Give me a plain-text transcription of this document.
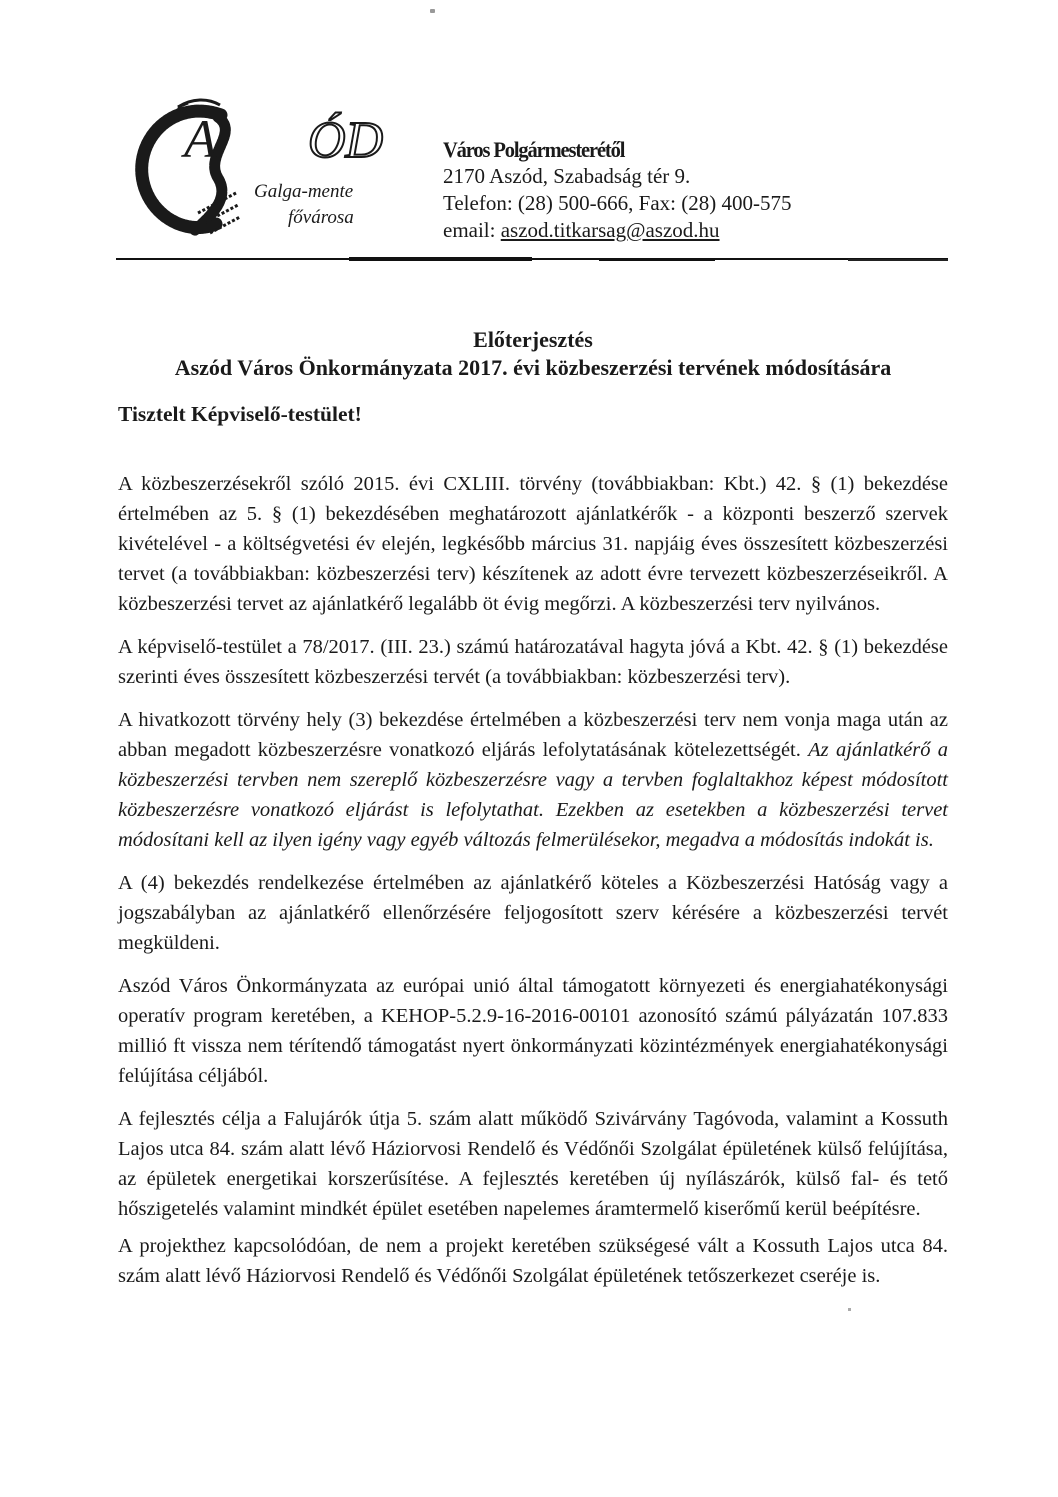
A ÓD
Galga-mente
fővárosa
Város Polgármesterétől
2170 Aszód, Szabadság tér 9.
Telefon: (28) 500-666, Fax: (28) 400-575
email: aszod.titkarsag@aszod.hu
Előterjesztés
Aszód Város Önkormányzata 2017. évi közbeszerzési tervének módosítására
Tisztelt Képviselő-testület!

A közbeszerzésekről szóló 2015. évi CXLIII. törvény (továbbiakban: Kbt.) 42. § (1) bekezdése értelmében az 5. § (1) bekezdésében meghatározott ajánlatkérők - a központi beszerző szervek kivételével - a költségvetési év elején, legkésőbb március 31. napjáig éves összesített közbeszerzési tervet (a továbbiakban: közbeszerzési terv) készítenek az adott évre tervezett közbeszerzéseikről. A közbeszerzési tervet az ajánlatkérő legalább öt évig megőrzi. A közbeszerzési terv nyilvános.

A képviselő-testület a 78/2017. (III. 23.) számú határozatával hagyta jóvá a Kbt. 42. § (1) bekezdése szerinti éves összesített közbeszerzési tervét (a továbbiakban: közbeszerzési terv).

A hivatkozott törvény hely (3) bekezdése értelmében a közbeszerzési terv nem vonja maga után az abban megadott közbeszerzésre vonatkozó eljárás lefolytatásának kötelezettségét. Az ajánlatkérő a közbeszerzési tervben nem szereplő közbeszerzésre vagy a tervben foglaltakhoz képest módosított közbeszerzésre vonatkozó eljárást is lefolytathat. Ezekben az esetekben a közbeszerzési tervet módosítani kell az ilyen igény vagy egyéb változás felmerülésekor, megadva a módosítás indokát is.

A (4) bekezdés rendelkezése értelmében az ajánlatkérő köteles a Közbeszerzési Hatóság vagy a jogszabályban az ajánlatkérő ellenőrzésére feljogosított szerv kérésére a közbeszerzési tervét megküldeni.

Aszód Város Önkormányzata az európai unió által támogatott környezeti és energiahatékonysági operatív program keretében, a KEHOP-5.2.9-16-2016-00101 azonosító számú pályázatán 107.833 millió ft vissza nem térítendő támogatást nyert önkormányzati közintézmények energiahatékonysági felújítása céljából.

A fejlesztés célja a Falujárók útja 5. szám alatt működő Szivárvány Tagóvoda, valamint a Kossuth Lajos utca 84. szám alatt lévő Háziorvosi Rendelő és Védőnői Szolgálat épületének külső felújítása, az épületek energetikai korszerűsítése. A fejlesztés keretében új nyílászárók, külső fal- és tető hőszigetelés valamint mindkét épület esetében napelemes áramtermelő kiserőmű kerül beépítésre.

A projekthez kapcsolódóan, de nem a projekt keretében szükségesé vált a Kossuth Lajos utca 84. szám alatt lévő Háziorvosi Rendelő és Védőnői Szolgálat épületének tetőszerkezet cseréje is.
